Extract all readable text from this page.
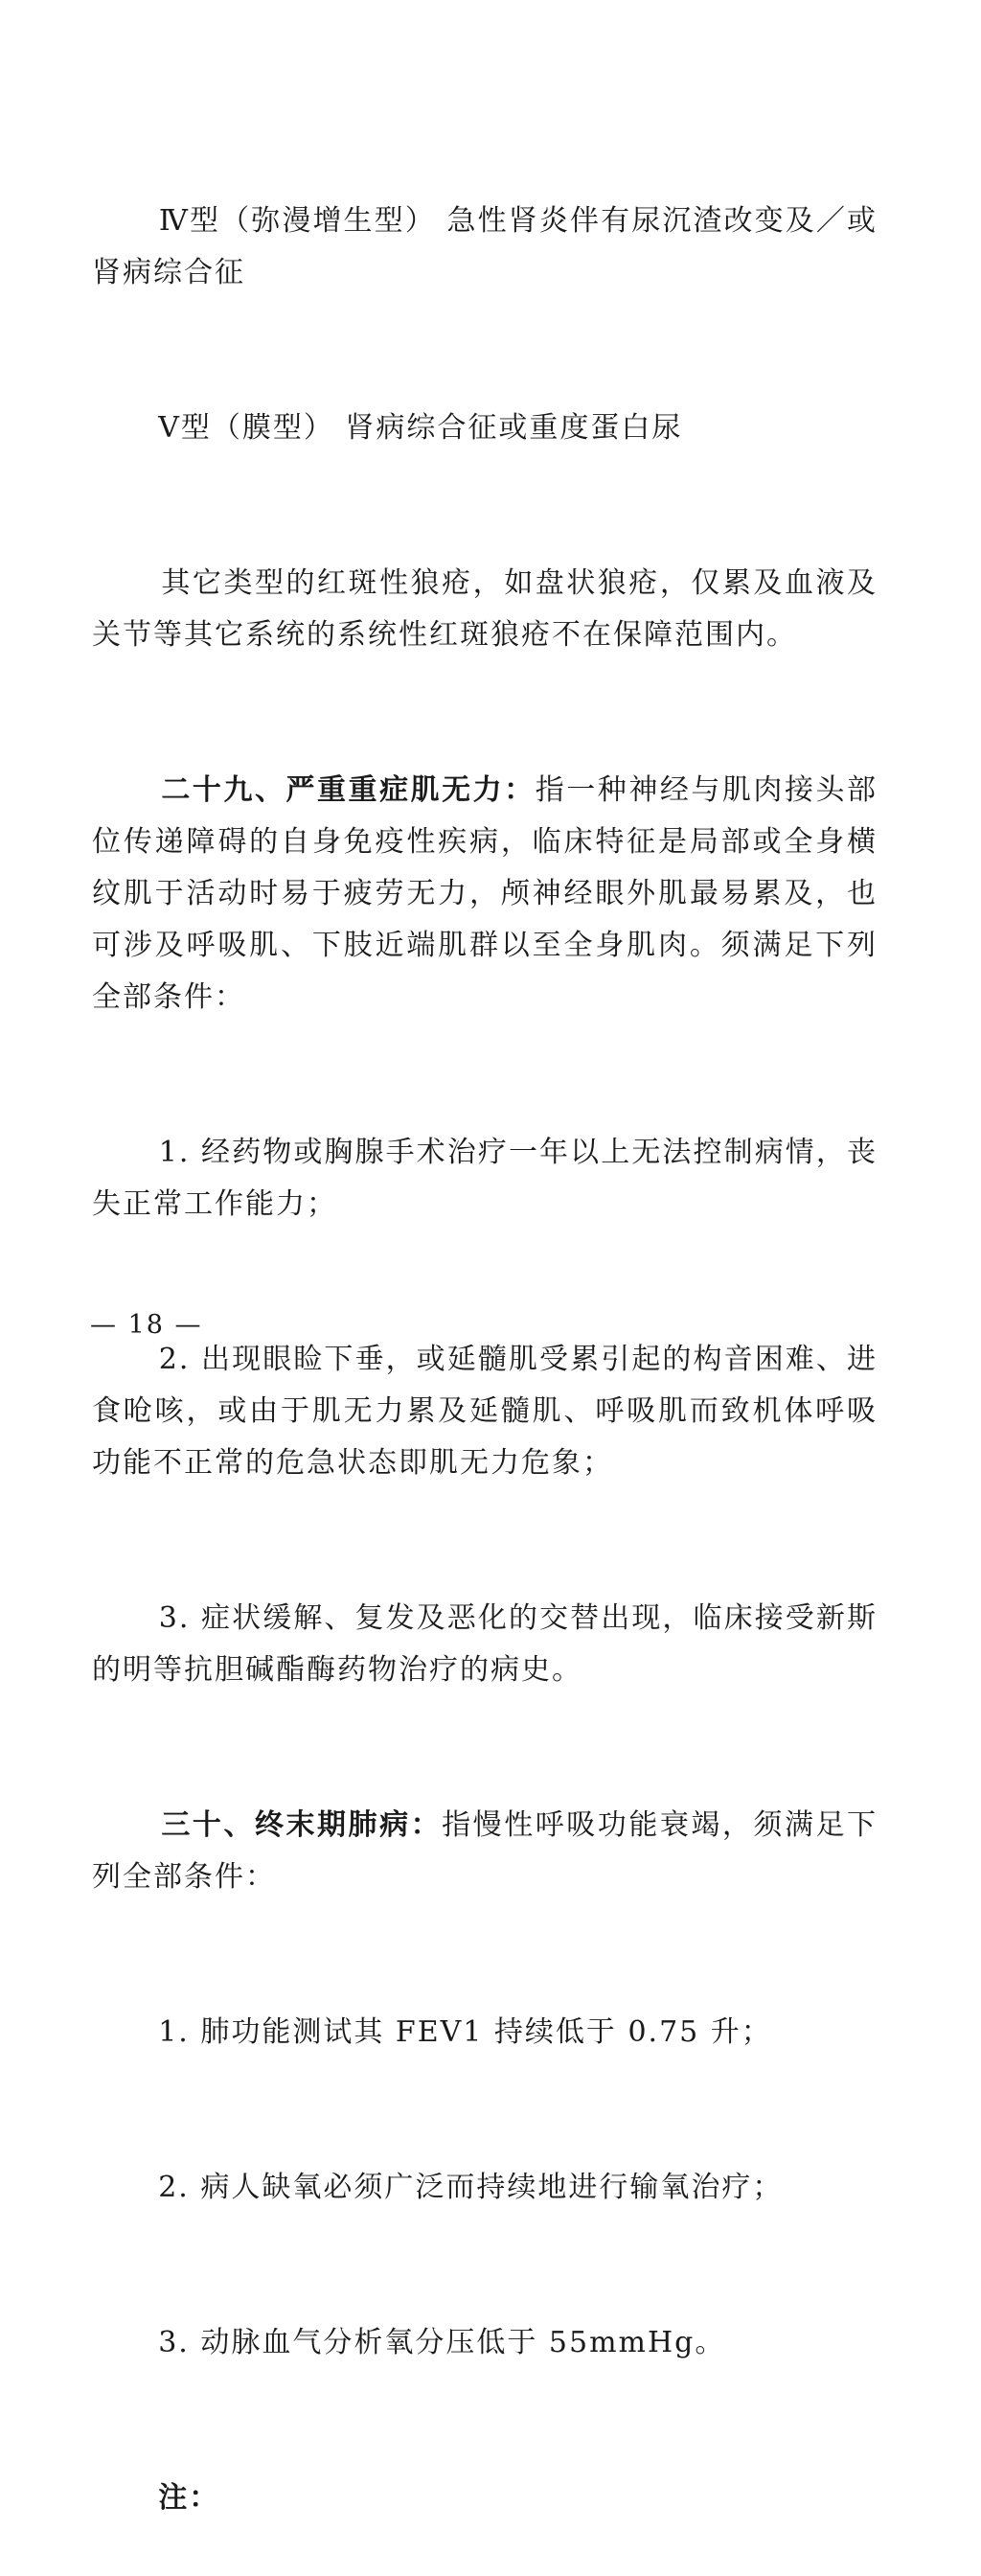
Ⅳ型（弥漫增生型） 急性肾炎伴有尿沉渣改变及／或肾病综合征

Ⅴ型（膜型） 肾病综合征或重度蛋白尿

其它类型的红斑性狼疮，如盘状狼疮，仅累及血液及关节等其它系统的系统性红斑狼疮不在保障范围内。

二十九、严重重症肌无力：指一种神经与肌肉接头部位传递障碍的自身免疫性疾病，临床特征是局部或全身横纹肌于活动时易于疲劳无力，颅神经眼外肌最易累及，也可涉及呼吸肌、下肢近端肌群以至全身肌肉。须满足下列全部条件：

1. 经药物或胸腺手术治疗一年以上无法控制病情，丧失正常工作能力；

2. 出现眼睑下垂，或延髓肌受累引起的构音困难、进食呛咳，或由于肌无力累及延髓肌、呼吸肌而致机体呼吸功能不正常的危急状态即肌无力危象；

3. 症状缓解、复发及恶化的交替出现，临床接受新斯的明等抗胆碱酯酶药物治疗的病史。

三十、终末期肺病：指慢性呼吸功能衰竭，须满足下列全部条件：

1. 肺功能测试其 FEV1 持续低于 0.75 升；

2. 病人缺氧必须广泛而持续地进行输氧治疗；

3. 动脉血气分析氧分压低于 55mmHg。

注：

— 18 —
